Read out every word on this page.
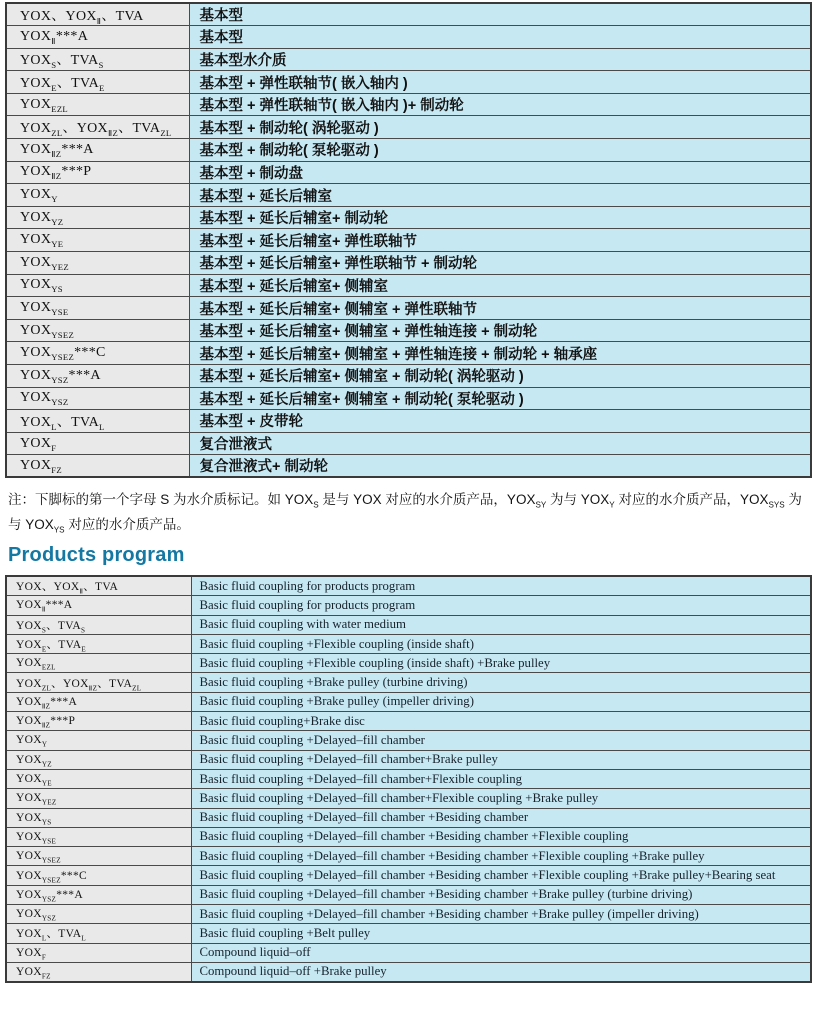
YOX、$YOX_Ⅱ$、TVA	基本型
$YOX_Ⅱ***A$	基本型
$YOX_S$、$TVA_S$	基本型水介质
$YOX_E$、$TVA_E$	基本型 + 弹性联轴节( 嵌入轴内 )
$YOX_{EZL}$	基本型 + 弹性联轴节( 嵌入轴内 )+ 制动轮
$YOX_{ZL}$、$YOX_{ⅡZ}$、$TVA_{ZL}$	基本型 + 制动轮( 涡轮驱动 )
$YOX_{ⅡZ}***A$	基本型 + 制动轮( 泵轮驱动 )
$YOX_{ⅡZ}***P$	基本型 + 制动盘
$YOX_Y$	基本型 + 延长后辅室
$YOX_{YZ}$	基本型 + 延长后辅室+ 制动轮
$YOX_{YE}$	基本型 + 延长后辅室+ 弹性联轴节
$YOX_{YEZ}$	基本型 + 延长后辅室+ 弹性联轴节 + 制动轮
$YOX_{YS}$	基本型 + 延长后辅室+ 侧辅室
$YOX_{YSE}$	基本型 + 延长后辅室+ 侧辅室 + 弹性联轴节
$YOX_{YSEZ}$	基本型 + 延长后辅室+ 侧辅室 + 弹性轴连接 + 制动轮
$YOX_{YSEZ}***C$	基本型 + 延长后辅室+ 侧辅室 + 弹性轴连接 + 制动轮 + 轴承座
$YOX_{YSZ}***A$	基本型 + 延长后辅室+ 侧辅室 + 制动轮( 涡轮驱动 )
$YOX_{YSZ}$	基本型 + 延长后辅室+ 侧辅室 + 制动轮( 泵轮驱动 )
$YOX_L$、$TVA_L$	基本型 + 皮带轮
$YOX_F$	复合泄液式
$YOX_{FZ}$	复合泄液式+ 制动轮

注：下脚标的第一个字母 S 为水介质标记。如 $YOX_S$ 是与 YOX 对应的水介质产品，$YOX_{SY}$ 为与 $YOX_Y$ 对应的水介质产品，$YOX_{SYS}$ 为与 $YOX_{YS}$ 对应的水介质产品。

Products program
YOX、$YOX_Ⅱ$、TVA	Basic fluid coupling for products program
$YOX_Ⅱ***A$	Basic fluid coupling for products program
$YOX_S$、$TVA_S$	Basic fluid coupling with water medium
$YOX_E$、$TVA_E$	Basic fluid coupling +Flexible coupling (inside shaft)
$YOX_{EZL}$	Basic fluid coupling +Flexible coupling (inside shaft) +Brake pulley
$YOX_{ZL}$、$YOX_{ⅡZ}$、$TVA_{ZL}$	Basic fluid coupling +Brake pulley (turbine driving)
$YOX_{ⅡZ}***A$	Basic fluid coupling +Brake pulley (impeller driving)
$YOX_{ⅡZ}***P$	Basic fluid coupling+Brake disc
$YOX_Y$	Basic fluid coupling +Delayed–fill chamber
$YOX_{YZ}$	Basic fluid coupling +Delayed–fill chamber+Brake pulley
$YOX_{YE}$	Basic fluid coupling +Delayed–fill chamber+Flexible coupling
$YOX_{YEZ}$	Basic fluid coupling +Delayed–fill chamber+Flexible coupling +Brake pulley
$YOX_{YS}$	Basic fluid coupling +Delayed–fill chamber +Besiding chamber
$YOX_{YSE}$	Basic fluid coupling +Delayed–fill chamber +Besiding chamber +Flexible coupling
$YOX_{YSEZ}$	Basic fluid coupling +Delayed–fill chamber +Besiding chamber +Flexible coupling +Brake pulley
$YOX_{YSEZ}***C$	Basic fluid coupling +Delayed–fill chamber +Besiding chamber +Flexible coupling +Brake pulley+Bearing seat
$YOX_{YSZ}***A$	Basic fluid coupling +Delayed–fill chamber +Besiding chamber +Brake pulley (turbine driving)
$YOX_{YSZ}$	Basic fluid coupling +Delayed–fill chamber +Besiding chamber +Brake pulley (impeller driving)
$YOX_L$、$TVA_L$	Basic fluid coupling +Belt pulley
$YOX_F$	Compound liquid–off
$YOX_{FZ}$	Compound liquid–off +Brake pulley
